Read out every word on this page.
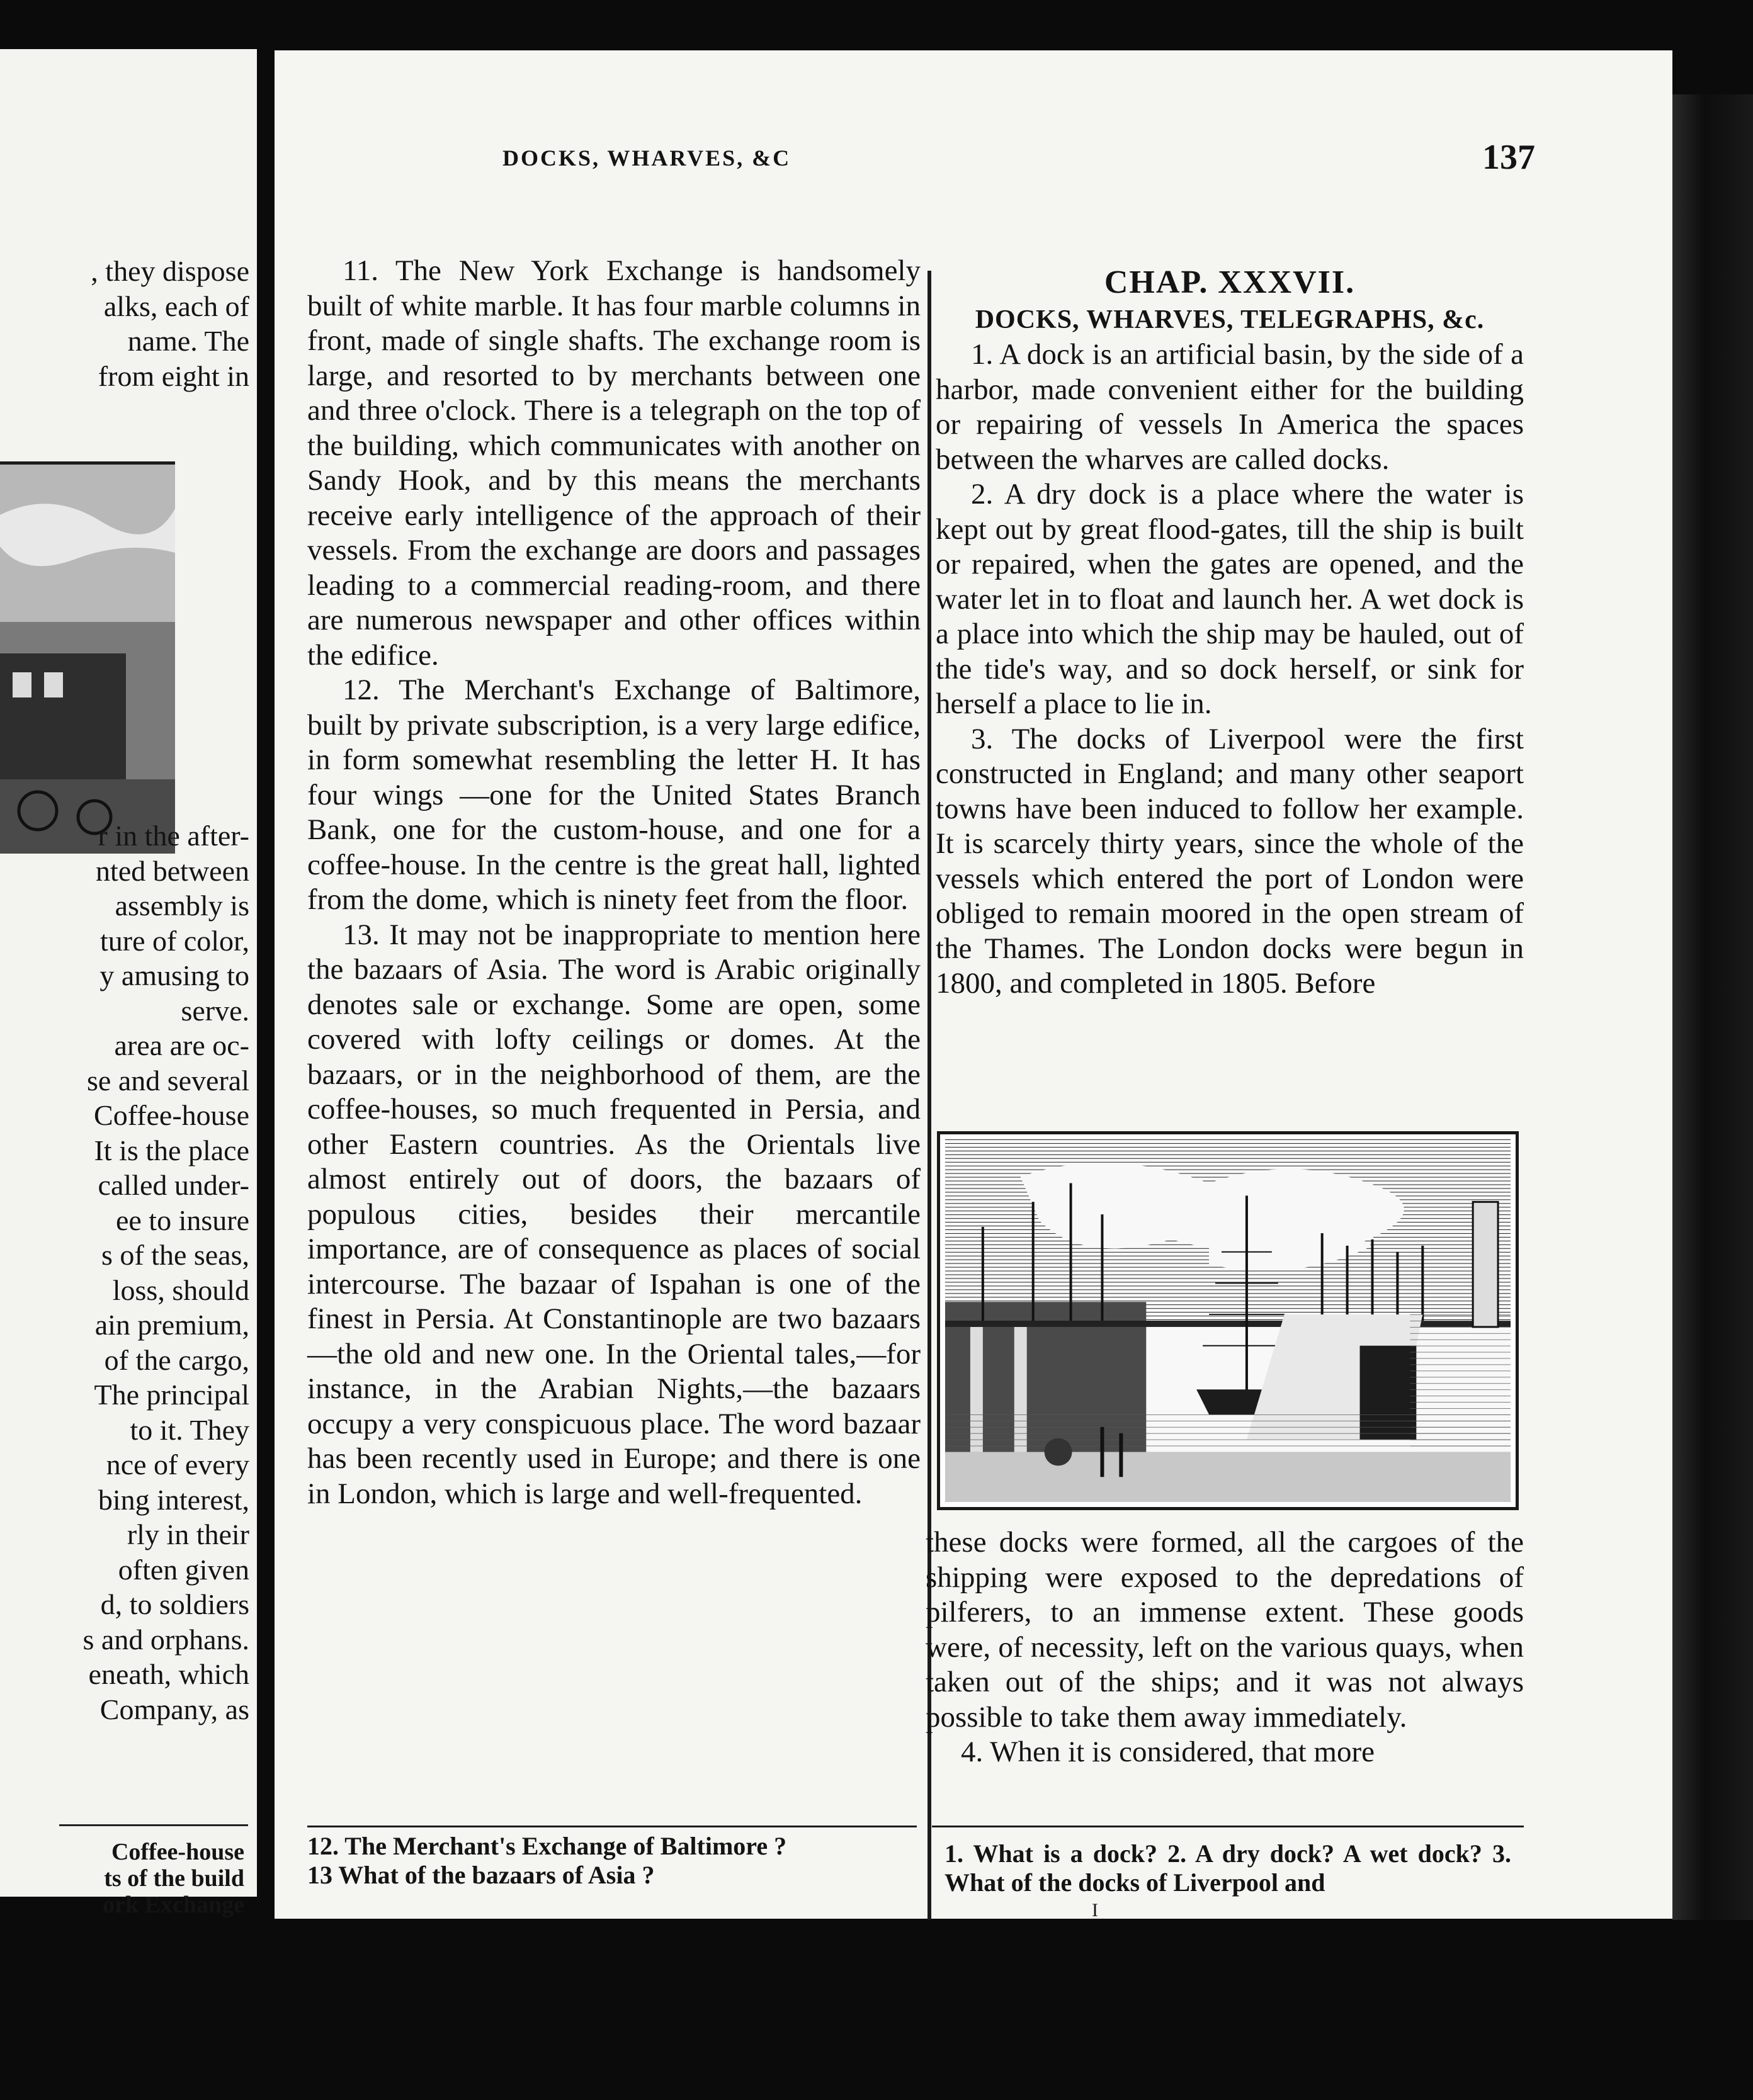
, they dispose
alks, each of
name. The
from eight in
r in the after-
nted between
assembly is
ture of color,
y amusing to
serve.
area are oc-
se and several
Coffee-house
It is the place
called under-
ee to insure
s of the seas,
loss, should
ain premium,
of the cargo,
The principal
to it. They
nce of every
bing interest,
rly in their
often given
d, to soldiers
s and orphans.
eneath, which
Company, as
Coffee-house
ts of the build
ork Exchange
DOCKS, WHARVES, &C	137

11. The New York Exchange is handsomely built of white marble. It has four marble columns in front, made of single shafts. The exchange room is large, and resorted to by merchants between one and three o'clock. There is a telegraph on the top of the building, which communicates with another on Sandy Hook, and by this means the merchants receive early intelligence of the approach of their vessels. From the exchange are doors and passages leading to a commercial reading-room, and there are numerous newspaper and other offices within the edifice.

12. The Merchant's Exchange of Baltimore, built by private subscription, is a very large edifice, in form somewhat resembling the letter H. It has four wings —one for the United States Branch Bank, one for the custom-house, and one for a coffee-house. In the centre is the great hall, lighted from the dome, which is ninety feet from the floor.

13. It may not be inappropriate to mention here the bazaars of Asia. The word is Arabic originally denotes sale or exchange. Some are open, some covered with lofty ceilings or domes. At the bazaars, or in the neighborhood of them, are the coffee-houses, so much frequented in Persia, and other Eastern countries. As the Orientals live almost entirely out of doors, the bazaars of populous cities, besides their mercantile importance, are of consequence as places of social intercourse. The bazaar of Ispahan is one of the finest in Persia. At Constantinople are two bazaars—the old and new one. In the Oriental tales,—for instance, in the Arabian Nights,—the bazaars occupy a very conspicuous place. The word bazaar has been recently used in Europe; and there is one in London, which is large and well-frequented.

CHAP. XXXVII.

DOCKS, WHARVES, TELEGRAPHS, &c.

1. A dock is an artificial basin, by the side of a harbor, made convenient either for the building or repairing of vessels In America the spaces between the wharves are called docks.

2. A dry dock is a place where the water is kept out by great flood-gates, till the ship is built or repaired, when the gates are opened, and the water let in to float and launch her. A wet dock is a place into which the ship may be hauled, out of the tide's way, and so dock herself, or sink for herself a place to lie in.

3. The docks of Liverpool were the first constructed in England; and many other seaport towns have been induced to follow her example. It is scarcely thirty years, since the whole of the vessels which entered the port of London were obliged to remain moored in the open stream of the Thames. The London docks were begun in 1800, and completed in 1805. Before

these docks were formed, all the cargoes of the shipping were exposed to the depredations of pilferers, to an immense extent. These goods were, of necessity, left on the various quays, when taken out of the ships; and it was not always possible to take them away immediately.

4. When it is considered, that more

12. The Merchant's Exchange of Baltimore ?
13 What of the bazaars of Asia ?
1. What is a dock? 2. A dry dock? A wet dock? 3. What of the docks of Liverpool and
I
